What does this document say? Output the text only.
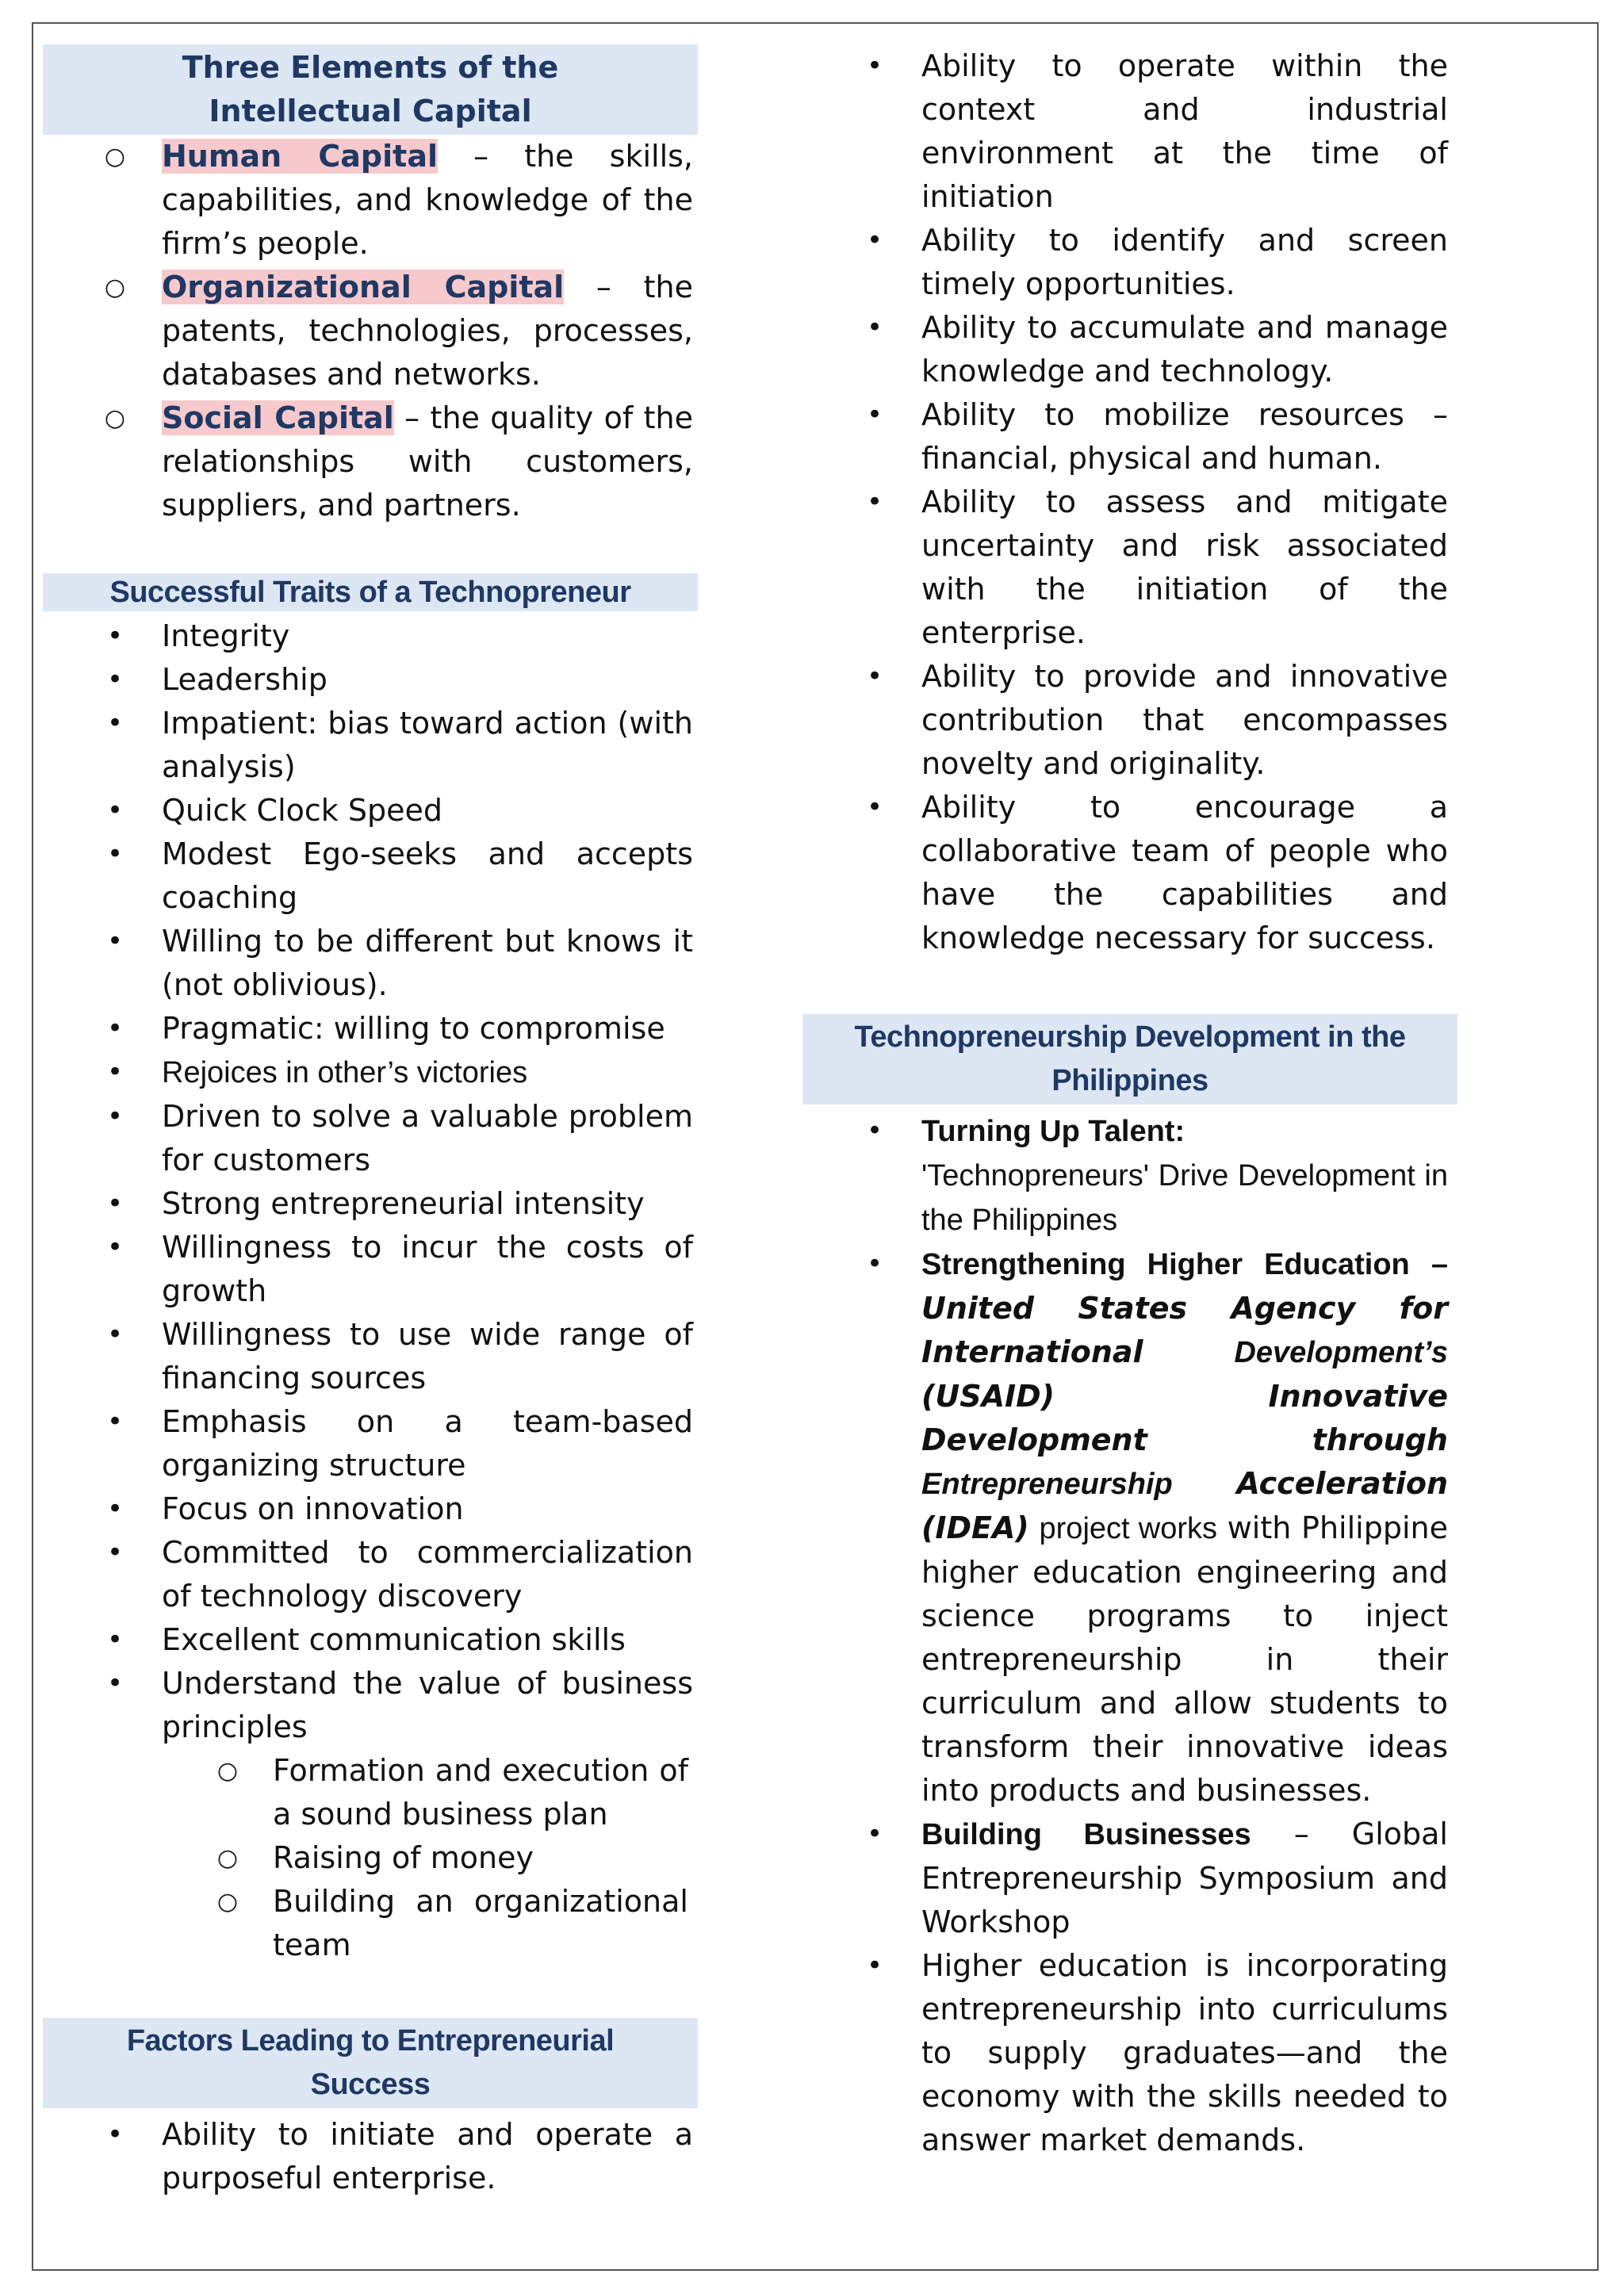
Three Elements of the Intellectual Capital
○ Human Capital – the skills, capabilities, and knowledge of the firm’s people.
○ Organizational Capital – the patents, technologies, processes, databases and networks.
○ Social Capital – the quality of the relationships with customers, suppliers, and partners.
Successful Traits of a Technopreneur
• Integrity
• Leadership
• Impatient: bias toward action (with analysis)
• Quick Clock Speed
• Modest Ego-seeks and accepts coaching
• Willing to be different but knows it (not oblivious).
• Pragmatic: willing to compromise
• Rejoices in other’s victories
• Driven to solve a valuable problem for customers
• Strong entrepreneurial intensity
• Willingness to incur the costs of growth
• Willingness to use wide range of financing sources
• Emphasis on a team-based organizing structure
• Focus on innovation
• Committed to commercialization of technology discovery
• Excellent communication skills
• Understand the value of business principles
○ Formation and execution of a sound business plan
○ Raising of money
○ Building an organizational team
Factors Leading to Entrepreneurial Success
• Ability to initiate and operate a purposeful enterprise.
• Ability to operate within the context and industrial environment at the time of initiation
• Ability to identify and screen timely opportunities.
• Ability to accumulate and manage knowledge and technology.
• Ability to mobilize resources – financial, physical and human.
• Ability to assess and mitigate uncertainty and risk associated with the initiation of the enterprise.
• Ability to provide and innovative contribution that encompasses novelty and originality.
• Ability to encourage a collaborative team of people who have the capabilities and knowledge necessary for success.
Technopreneurship Development in the Philippines
• Turning Up Talent:
'Technopreneurs' Drive Development in the Philippines
• Strengthening Higher Education – United States Agency for International	Development’s (USAID) Innovative Development through Entrepreneurship Acceleration (IDEA) project works with Philippine higher education engineering and science programs to inject entrepreneurship in their curriculum and allow students to transform their innovative ideas into products and businesses.
• Building Businesses – Global Entrepreneurship Symposium and Workshop
• Higher education is incorporating entrepreneurship into curriculums to supply graduates—and the economy with the skills needed to answer market demands.
